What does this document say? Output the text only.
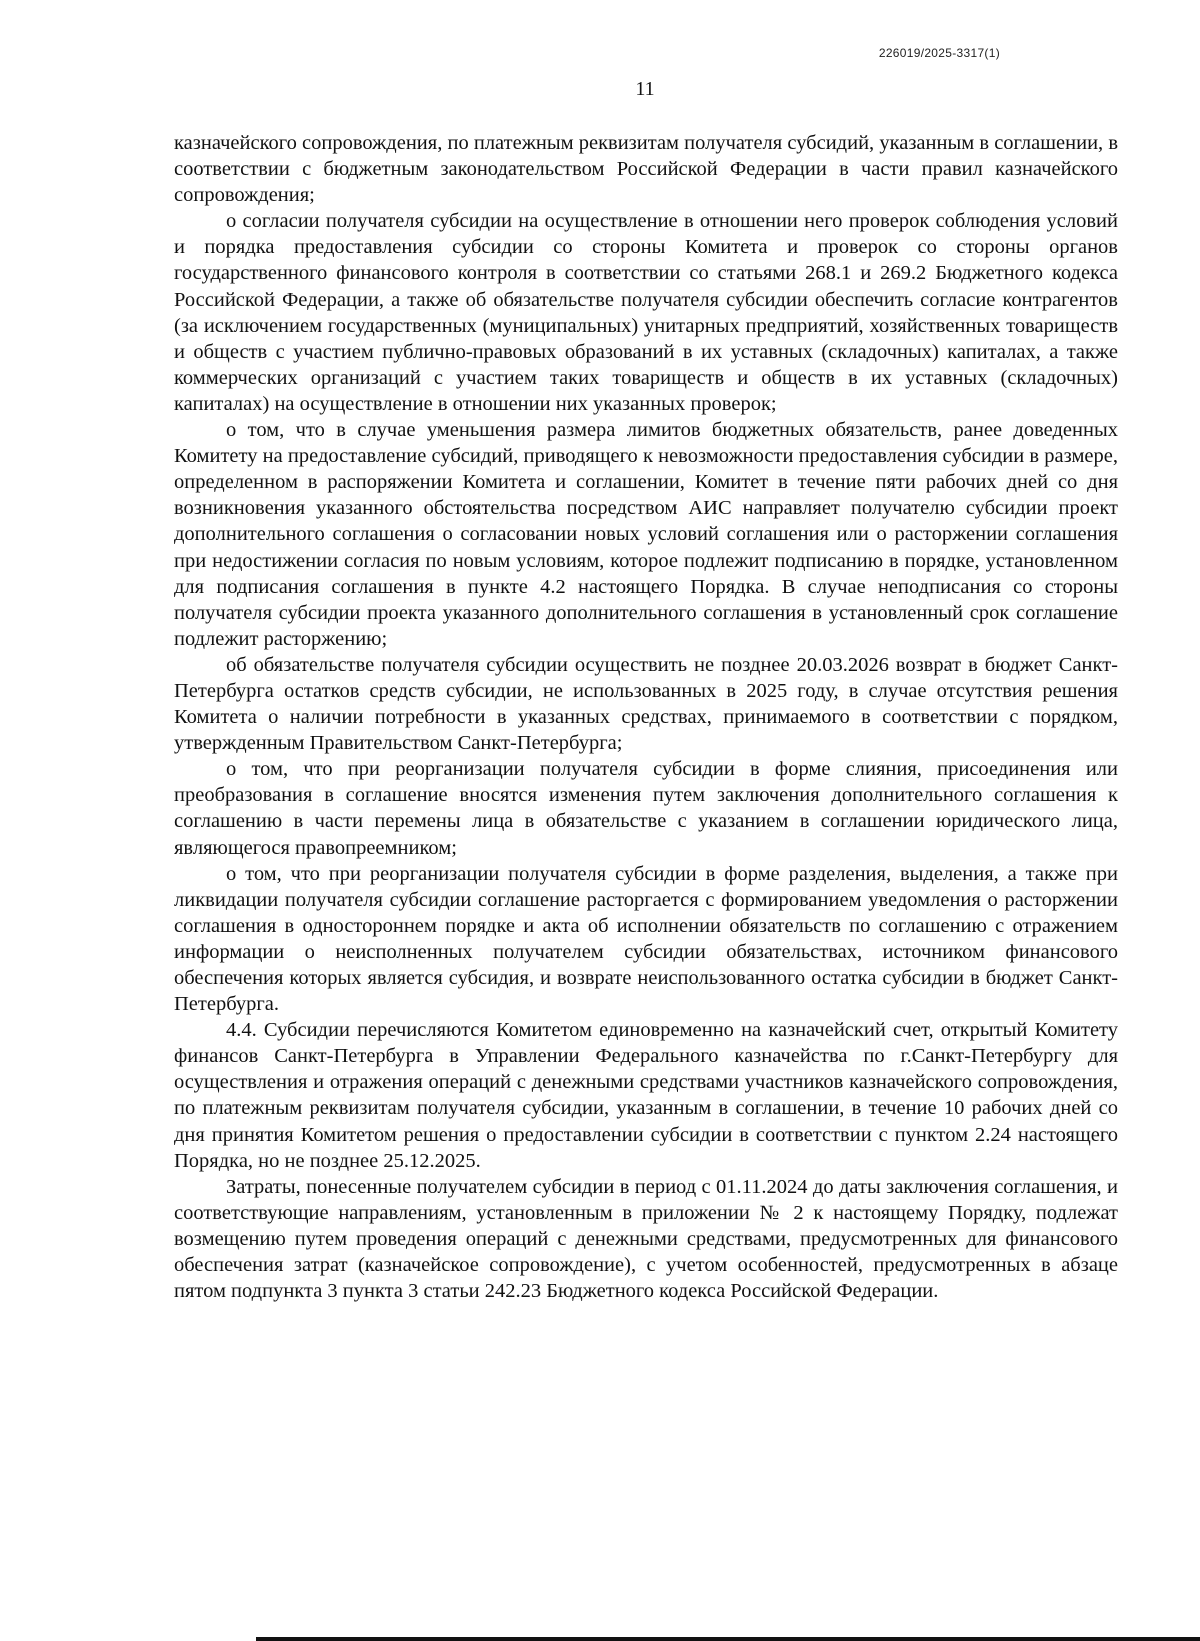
226019/2025-3317(1)
11

казначейского сопровождения, по платежным реквизитам получателя субсидий, указанным в соглашении, в соответствии с бюджетным законодательством Российской Федерации в части правил казначейского сопровождения;

о согласии получателя субсидии на осуществление в отношении него проверок соблюдения условий и порядка предоставления субсидии со стороны Комитета и проверок со стороны органов государственного финансового контроля в соответствии со статьями 268.1 и 269.2 Бюджетного кодекса Российской Федерации, а также об обязательстве получателя субсидии обеспечить согласие контрагентов (за исключением государственных (муниципальных) унитарных предприятий, хозяйственных товариществ и обществ с участием публично-правовых образований в их уставных (складочных) капиталах, а также коммерческих организаций с участием таких товариществ и обществ в их уставных (складочных) капиталах) на осуществление в отношении них указанных проверок;

о том, что в случае уменьшения размера лимитов бюджетных обязательств, ранее доведенных Комитету на предоставление субсидий, приводящего к невозможности предоставления субсидии в размере, определенном в распоряжении Комитета и соглашении, Комитет в течение пяти рабочих дней со дня возникновения указанного обстоятельства посредством АИС направляет получателю субсидии проект дополнительного соглашения о согласовании новых условий соглашения или о расторжении соглашения при недостижении согласия по новым условиям, которое подлежит подписанию в порядке, установленном для подписания соглашения в пункте 4.2 настоящего Порядка. В случае неподписания со стороны получателя субсидии проекта указанного дополнительного соглашения в установленный срок соглашение подлежит расторжению;

об обязательстве получателя субсидии осуществить не позднее 20.03.2026 возврат в бюджет Санкт-Петербурга остатков средств субсидии, не использованных в 2025 году, в случае отсутствия решения Комитета о наличии потребности в указанных средствах, принимаемого в соответствии с порядком, утвержденным Правительством Санкт-Петербурга;

о том, что при реорганизации получателя субсидии в форме слияния, присоединения или преобразования в соглашение вносятся изменения путем заключения дополнительного соглашения к соглашению в части перемены лица в обязательстве с указанием в соглашении юридического лица, являющегося правопреемником;

о том, что при реорганизации получателя субсидии в форме разделения, выделения, а также при ликвидации получателя субсидии соглашение расторгается с формированием уведомления о расторжении соглашения в одностороннем порядке и акта об исполнении обязательств по соглашению с отражением информации о неисполненных получателем субсидии обязательствах, источником финансового обеспечения которых является субсидия, и возврате неиспользованного остатка субсидии в бюджет Санкт-Петербурга.

4.4. Субсидии перечисляются Комитетом единовременно на казначейский счет, открытый Комитету финансов Санкт-Петербурга в Управлении Федерального казначейства по г.Санкт-Петербургу для осуществления и отражения операций с денежными средствами участников казначейского сопровождения, по платежным реквизитам получателя субсидии, указанным в соглашении, в течение 10 рабочих дней со дня принятия Комитетом решения о предоставлении субсидии в соответствии с пунктом 2.24 настоящего Порядка, но не позднее 25.12.2025.

Затраты, понесенные получателем субсидии в период с 01.11.2024 до даты заключения соглашения, и соответствующие направлениям, установленным в приложении № 2 к настоящему Порядку, подлежат возмещению путем проведения операций с денежными средствами, предусмотренных для финансового обеспечения затрат (казначейское сопровождение), с учетом особенностей, предусмотренных в абзаце пятом подпункта 3 пункта 3 статьи 242.23 Бюджетного кодекса Российской Федерации.
